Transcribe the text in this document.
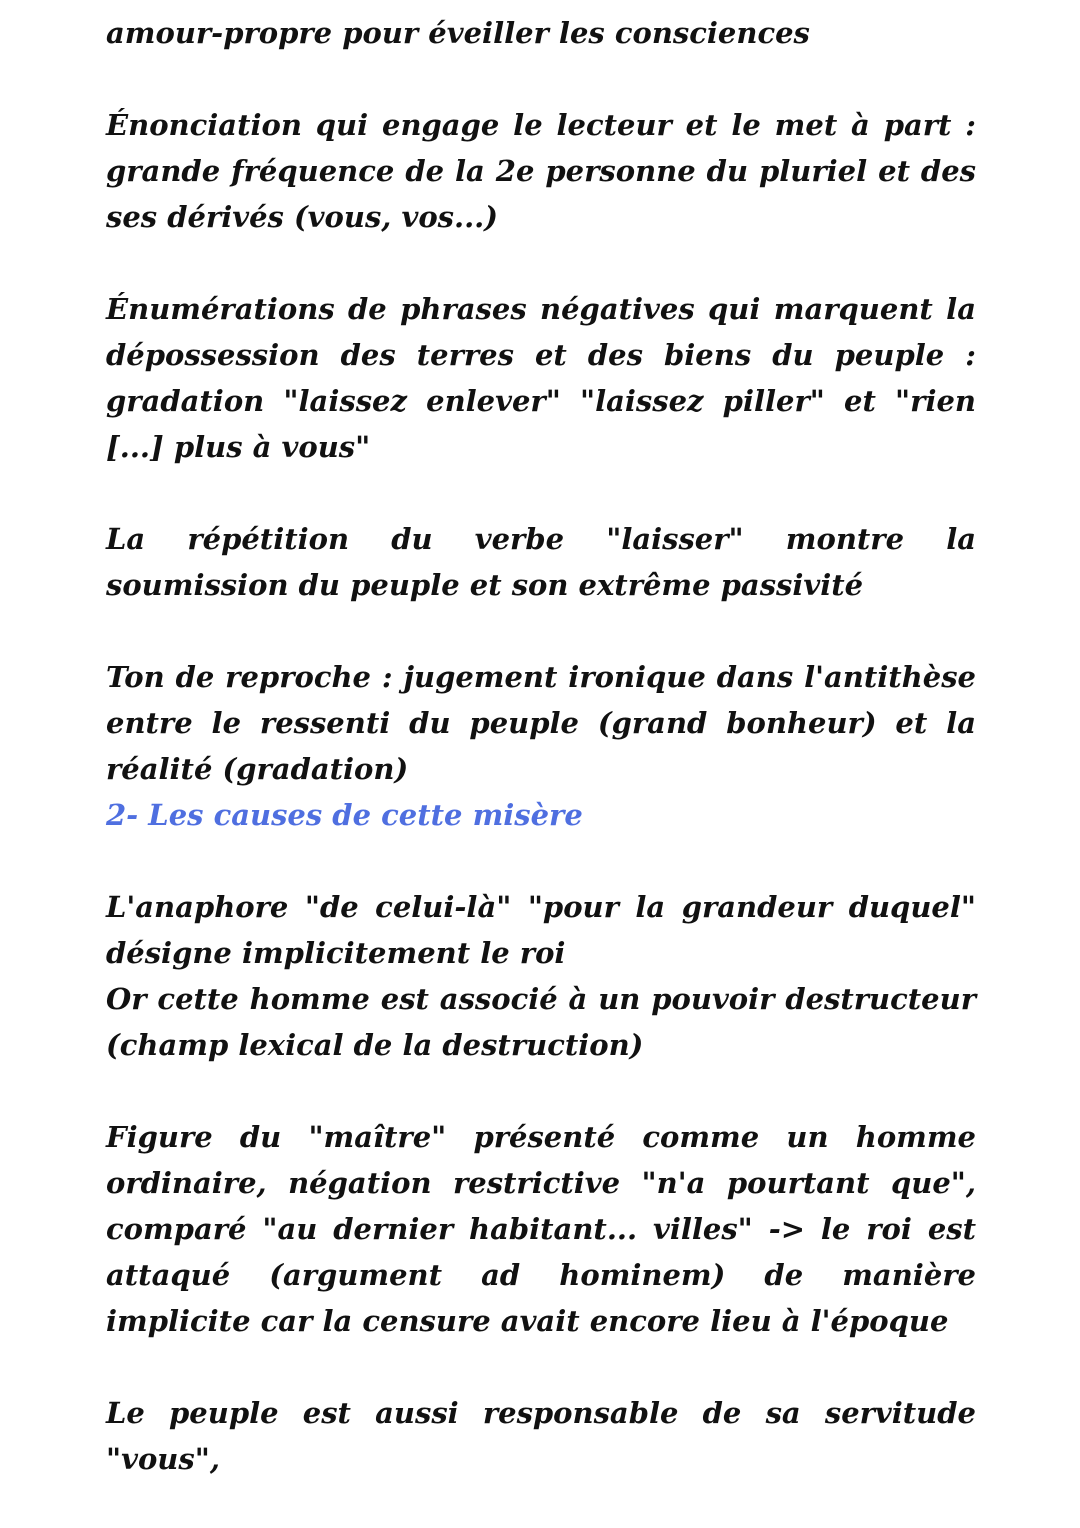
amour-propre pour éveiller les consciences

Énonciation qui engage le lecteur et le met à part : grande fréquence de la 2e personne du pluriel et des ses dérivés (vous, vos...)

Énumérations de phrases négatives qui marquent la dépossession des terres et des biens du peuple : gradation "laissez enlever" "laissez piller" et "rien [...] plus à vous"

La répétition du verbe "laisser" montre la soumission du peuple et son extrême passivité

Ton de reproche : jugement ironique dans l'antithèse entre le ressenti du peuple (grand bonheur) et la réalité (gradation)

2- Les causes de cette misère

L'anaphore "de celui-là" "pour la grandeur duquel" désigne implicitement le roi

Or cette homme est associé à un pouvoir destructeur (champ lexical de la destruction)

Figure du "maître" présenté comme un homme ordinaire, négation restrictive "n'a pourtant que", comparé "au dernier habitant... villes" -> le roi est attaqué (argument ad hominem) de manière implicite car la censure avait encore lieu à l'époque

Le peuple est aussi responsable de sa servitude "vous",
